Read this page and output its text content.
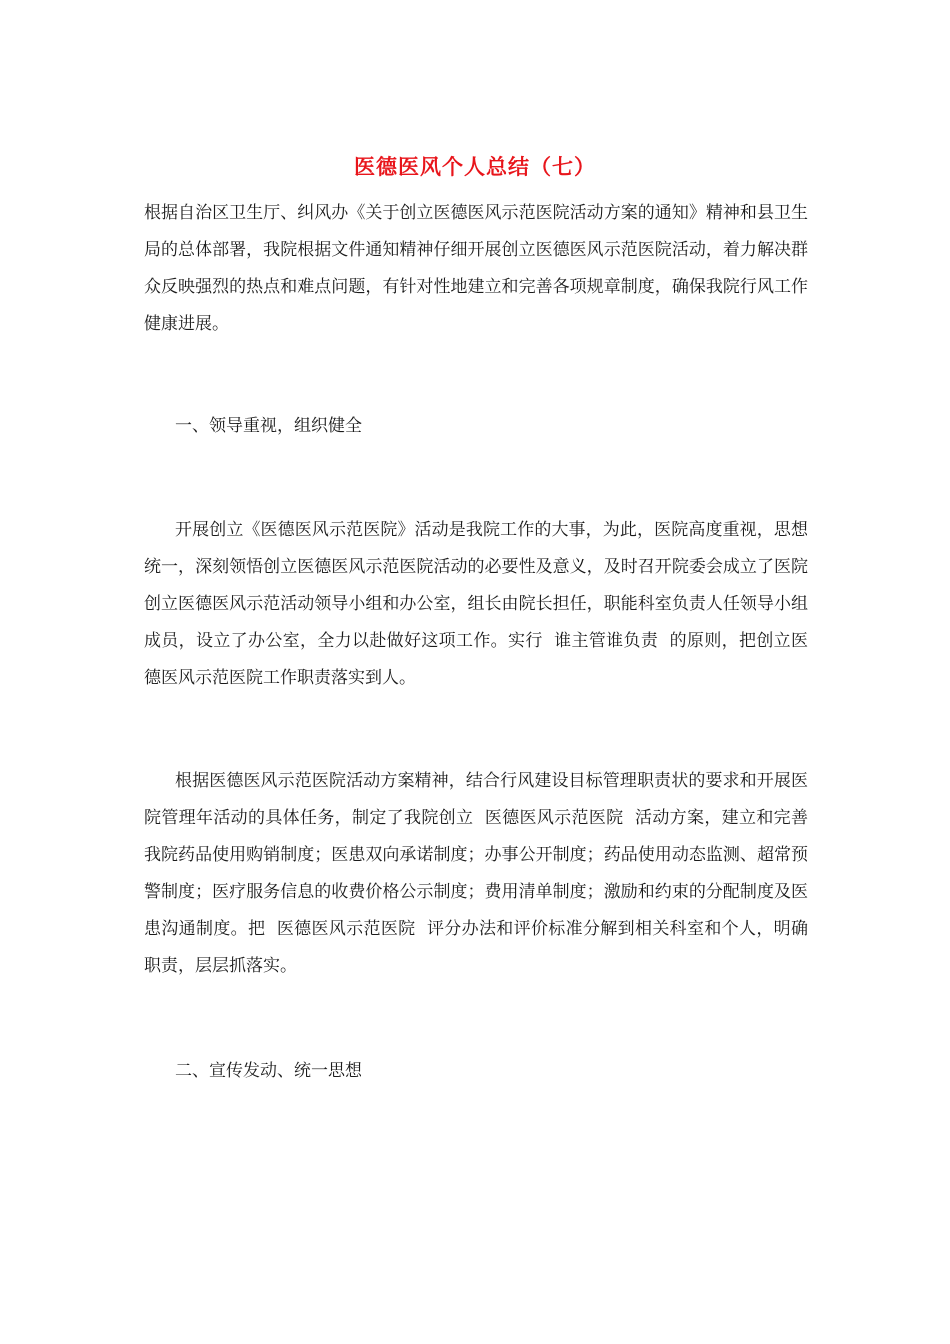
医德医风个人总结（七）

根据自治区卫生厅、纠风办《关于创立医德医风示范医院活动方案的通知》精神和县卫生局的总体部署，我院根据文件通知精神仔细开展创立医德医风示范医院活动，着力解决群众反映强烈的热点和难点问题，有针对性地建立和完善各项规章制度，确保我院行风工作健康进展。

一、领导重视，组织健全

开展创立《医德医风示范医院》活动是我院工作的大事，为此，医院高度重视，思想统一，深刻领悟创立医德医风示范医院活动的必要性及意义，及时召开院委会成立了医院创立医德医风示范活动领导小组和办公室，组长由院长担任，职能科室负责人任领导小组成员，设立了办公室，全力以赴做好这项工作。实行  谁主管谁负责  的原则，把创立医德医风示范医院工作职责落实到人。

根据医德医风示范医院活动方案精神，结合行风建设目标管理职责状的要求和开展医院管理年活动的具体任务，制定了我院创立  医德医风示范医院  活动方案，建立和完善我院药品使用购销制度；医患双向承诺制度；办事公开制度；药品使用动态监测、超常预警制度；医疗服务信息的收费价格公示制度；费用清单制度；激励和约束的分配制度及医患沟通制度。把  医德医风示范医院  评分办法和评价标准分解到相关科室和个人，明确职责，层层抓落实。

二、宣传发动、统一思想
